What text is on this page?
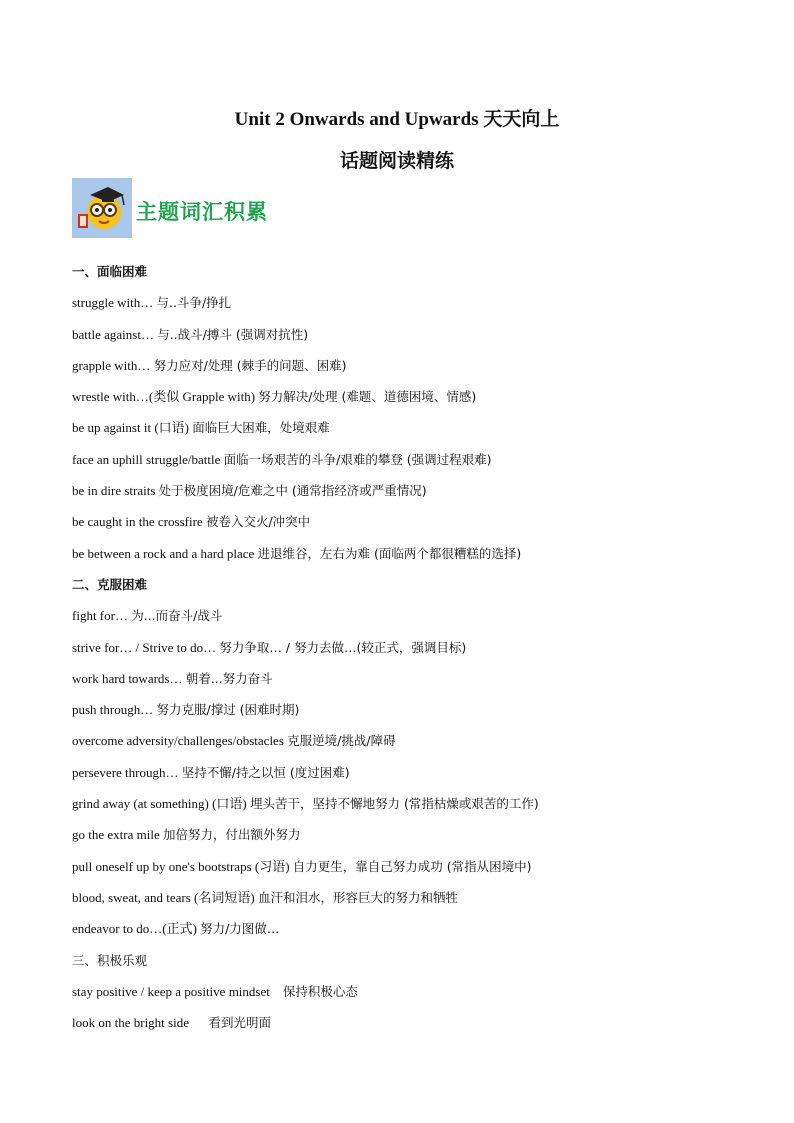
Unit 2 Onwards and Upwards 天天向上
话题阅读精练
主题词汇积累
一、面临困难
struggle with… 与..斗争/挣扎
battle against… 与..战斗/搏斗 (强调对抗性)
grapple with… 努力应对/处理 (棘手的问题、困难)
wrestle with…(类似 Grapple with) 努力解决/处理 (难题、道德困境、情感)
be up against it (口语) 面临巨大困难，处境艰难
face an uphill struggle/battle 面临一场艰苦的斗争/艰难的攀登 (强调过程艰难)
be in dire straits 处于极度困境/危难之中 (通常指经济或严重情况)
be caught in the crossfire 被卷入交火/冲突中
be between a rock and a hard place 进退维谷，左右为难 (面临两个都很糟糕的选择)
二、克服困难
fight for… 为...而奋斗/战斗
strive for… / Strive to do… 努力争取… / 努力去做…(较正式，强调目标)
work hard towards… 朝着...努力奋斗
push through… 努力克服/撑过 (困难时期)
overcome adversity/challenges/obstacles 克服逆境/挑战/障碍
persevere through… 坚持不懈/持之以恒 (度过困难)
grind away (at something) (口语) 埋头苦干，坚持不懈地努力 (常指枯燥或艰苦的工作)
go the extra mile 加倍努力，付出额外努力
pull oneself up by one's bootstraps (习语) 自力更生，靠自己努力成功 (常指从困境中)
blood, sweat, and tears (名词短语) 血汗和泪水，形容巨大的努力和牺牲
endeavor to do…(正式) 努力/力图做…
三、积极乐观
stay positive / keep a positive mindset    保持积极心态
look on the bright side      看到光明面
